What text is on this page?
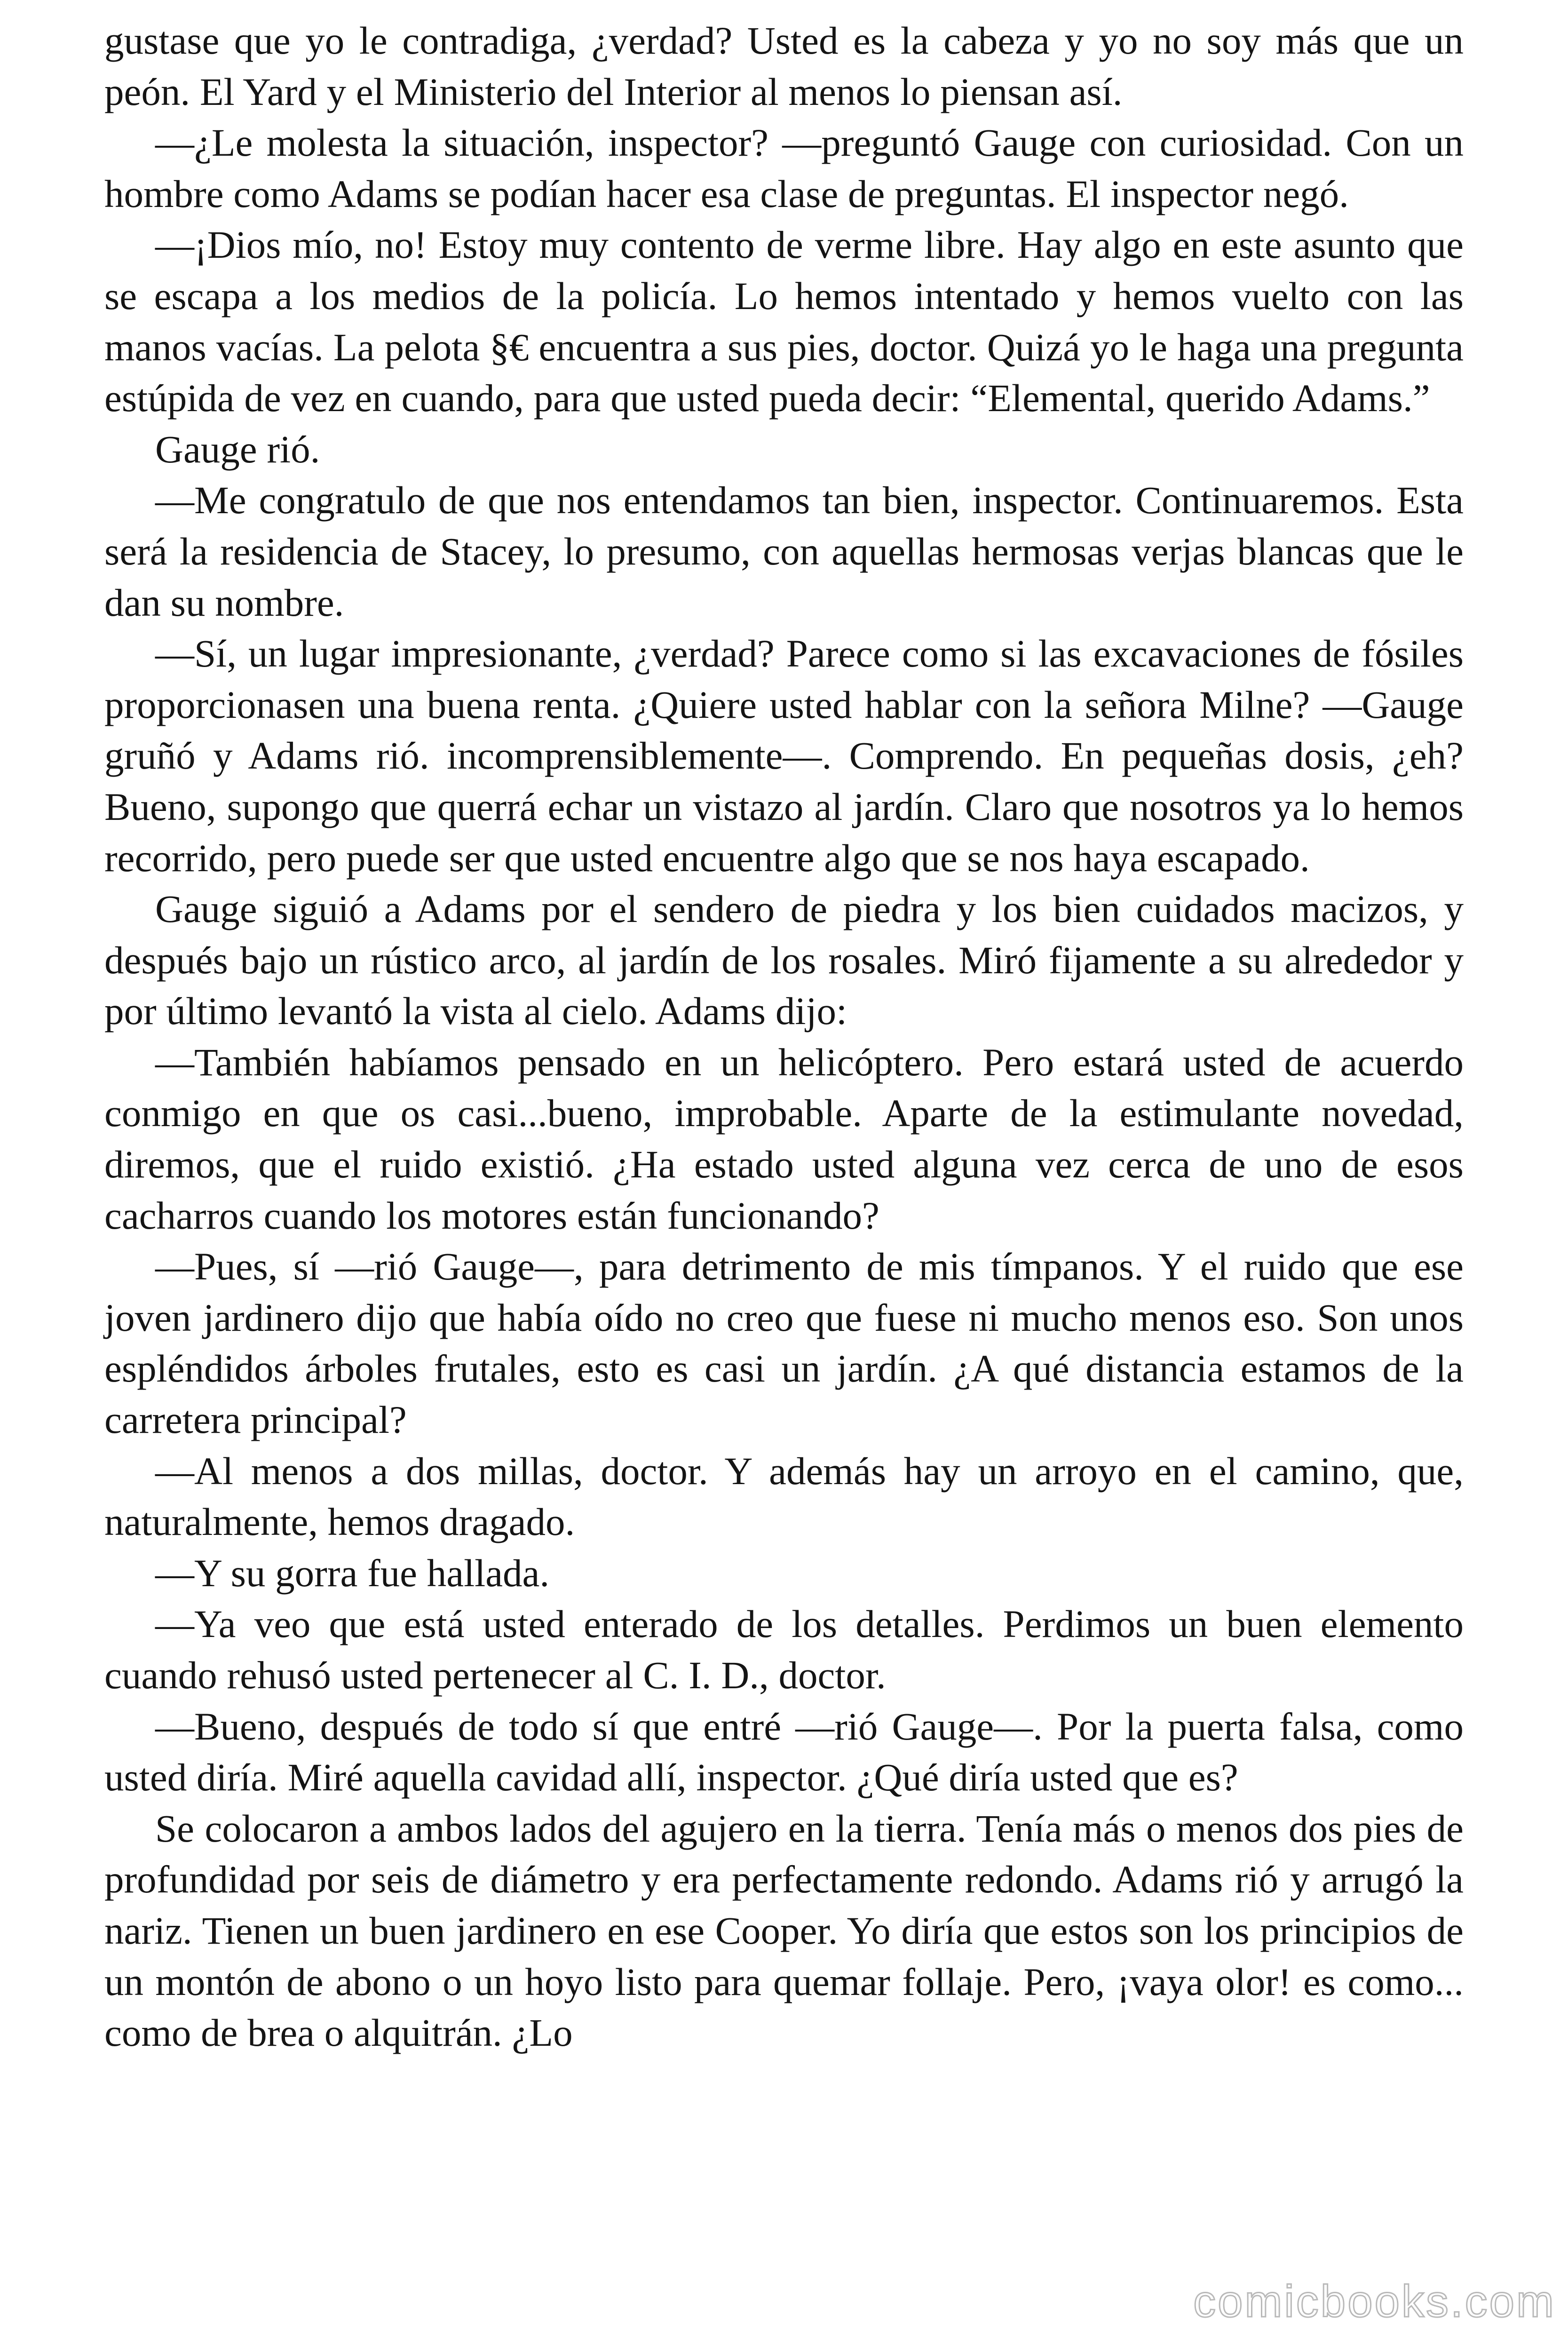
gustase que yo le contradiga, ¿verdad? Usted es la cabeza y yo no soy más que un peón. El Yard y el Ministerio del Interior al menos lo piensan así.

—¿Le molesta la situación, inspector? —preguntó Gauge con curiosidad. Con un hombre como Adams se podían hacer esa clase de preguntas. El inspector negó.

—¡Dios mío, no! Estoy muy contento de verme libre. Hay algo en este asunto que se escapa a los medios de la policía. Lo hemos intentado y hemos vuelto con las manos vacías. La pelota §€ encuentra a sus pies, doctor. Quizá yo le haga una pregunta estúpida de vez en cuando, para que usted pueda decir: “Elemental, querido Adams.”

Gauge rió.

—Me congratulo de que nos entendamos tan bien, inspector. Continuaremos. Esta será la residencia de Stacey, lo presumo, con aquellas hermosas verjas blancas que le dan su nombre.

—Sí, un lugar impresionante, ¿verdad? Parece como si las excavaciones de fósiles proporcionasen una buena renta. ¿Quiere usted hablar con la señora Milne? —Gauge gruñó y Adams rió. incomprensiblemente—. Comprendo. En pequeñas dosis, ¿eh? Bueno, supongo que querrá echar un vistazo al jardín. Claro que nosotros ya lo hemos recorrido, pero puede ser que usted encuentre algo que se nos haya escapado.

Gauge siguió a Adams por el sendero de piedra y los bien cuidados macizos, y después bajo un rústico arco, al jardín de los rosales. Miró fijamente a su alrededor y por último levantó la vista al cielo. Adams dijo:

—También habíamos pensado en un helicóptero. Pero estará usted de acuerdo conmigo en que os casi...bueno, improbable. Aparte de la estimulante novedad, diremos, que el ruido existió. ¿Ha estado usted alguna vez cerca de uno de esos cacharros cuando los motores están funcionando?

—Pues, sí —rió Gauge—, para detrimento de mis tímpanos. Y el ruido que ese joven jardinero dijo que había oído no creo que fuese ni mucho menos eso. Son unos espléndidos árboles frutales, esto es casi un jardín. ¿A qué distancia estamos de la carretera principal?

—Al menos a dos millas, doctor. Y además hay un arroyo en el camino, que, naturalmente, hemos dragado.

—Y su gorra fue hallada.

—Ya veo que está usted enterado de los detalles. Perdimos un buen elemento cuando rehusó usted pertenecer al C. I. D., doctor.

—Bueno, después de todo sí que entré —rió Gauge—. Por la puerta falsa, como usted diría. Miré aquella cavidad allí, inspector. ¿Qué diría usted que es?

Se colocaron a ambos lados del agujero en la tierra. Tenía más o menos dos pies de profundidad por seis de diámetro y era perfectamente redondo. Adams rió y arrugó la nariz. Tienen un buen jardinero en ese Cooper. Yo diría que estos son los principios de un montón de abono o un hoyo listo para quemar follaje. Pero, ¡vaya olor! es como... como de brea o alquitrán. ¿Lo

comicbooks.com
